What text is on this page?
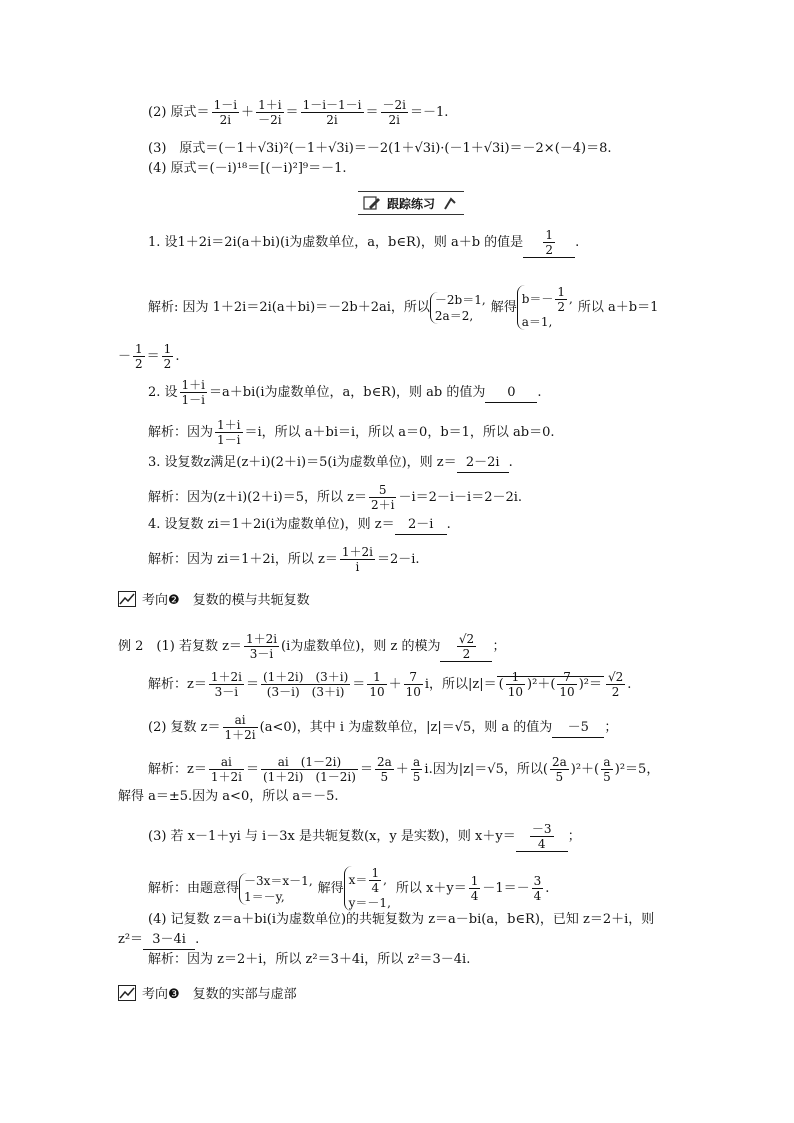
(2) 原式＝ $\frac{1-i}{2i} + \frac{1+i}{-2i} = \frac{1-i-1-i}{2i} = \frac{-2i}{2i} =-1$.
(3)　原式＝(－1＋√3i)²(－1＋√3i)＝－2(1＋√3i)·(－1＋√3i)＝－2×(－4)＝8.
(4) 原式＝(－i)¹⁸＝[(－i)²]⁹＝－1.
跟踪练习
1. 设1＋2i＝2i(a＋bi)(i为虚数单位，a，b∈R)，则 a＋b 的值是 $\frac{1}{2}$ .
解析: 因为 1＋2i＝2i(a＋bi)＝－2b＋2ai，所以－2b＝1,
2a＝2,解得$b=- \frac{1}{2}$ ,
a＝1,所以 a＋b＝1
－ $\frac{1}{2} = \frac{1}{2}$ .
2. 设 $\frac{1+i}{1-i} =a+bi(i$为虚数单位，a，b∈R)，则 ab 的值为 0 .
解析：因为 $\frac{1+i}{1-i} =i$，所以 a＋bi＝i，所以 a＝0，b＝1，所以 ab＝0.
3. 设复数z满足(z＋i)(2＋i)＝5(i为虚数单位)，则 z＝ 2－2i .
解析：因为(z＋i)(2＋i)＝5，所以 $z= \frac{5}{2+i} -i=2-i-i=2-2i$.
4. 设复数 zi＝1＋2i(i为虚数单位)，则 z＝ 2－i .
解析：因为 zi＝1＋2i，所以 $z= \frac{1+2i}{i} =2-i$.
考向❷　复数的模与共轭复数
例 2　(1) 若复数 $z= \frac{1+2i}{3-i} (i$为虚数单位)，则 z 的模为 $\frac{√2}{2}$ ；
解析：$z= \frac{1+2i}{3-i} = \frac{(1+2i) (3+i)}{(3-i) (3+i)} = \frac{1}{10} + \frac{7}{10}$ i，所以|z|＝ ( $\frac{1}{10} )^2+( \frac{7}{10} )^2= \frac{√2}{2}$ .
(2) 复数 $z= \frac{ai}{1+2i} (a<0)$，其中 i 为虚数单位，|z|＝√5，则 a 的值为 －5 ；
解析：$z= \frac{ai}{1+2i} = \frac{ai (1-2i)}{(1+2i) (1-2i)} = \frac{2a}{5} + \frac{a}{5} i$.因为|z|＝√5，所以( $\frac{2a}{5} )^2+( \frac{a}{5} )^2=5$，
解得 a＝±5.因为 a<0，所以 a＝－5.
(3) 若 x－1＋yi 与 i－3x 是共轭复数(x，y 是实数)，则 $x+y= \frac{-3}{4}$ ；
解析：由题意得－3x＝x－1,
1＝－y,解得$x= \frac{1}{4}$ ,
y＝－1,所以 $x+y= \frac{1}{4} -1=- \frac{3}{4}$ .
(4) 记复数 z＝a＋bi(i为虚数单位)的共轭复数为 z＝a－bi(a，b∈R)，已知 z＝2＋i，则
z²＝ 3－4i .
解析：因为 z＝2＋i，所以 z²＝3＋4i，所以 z²＝3－4i.
考向❸　复数的实部与虚部
